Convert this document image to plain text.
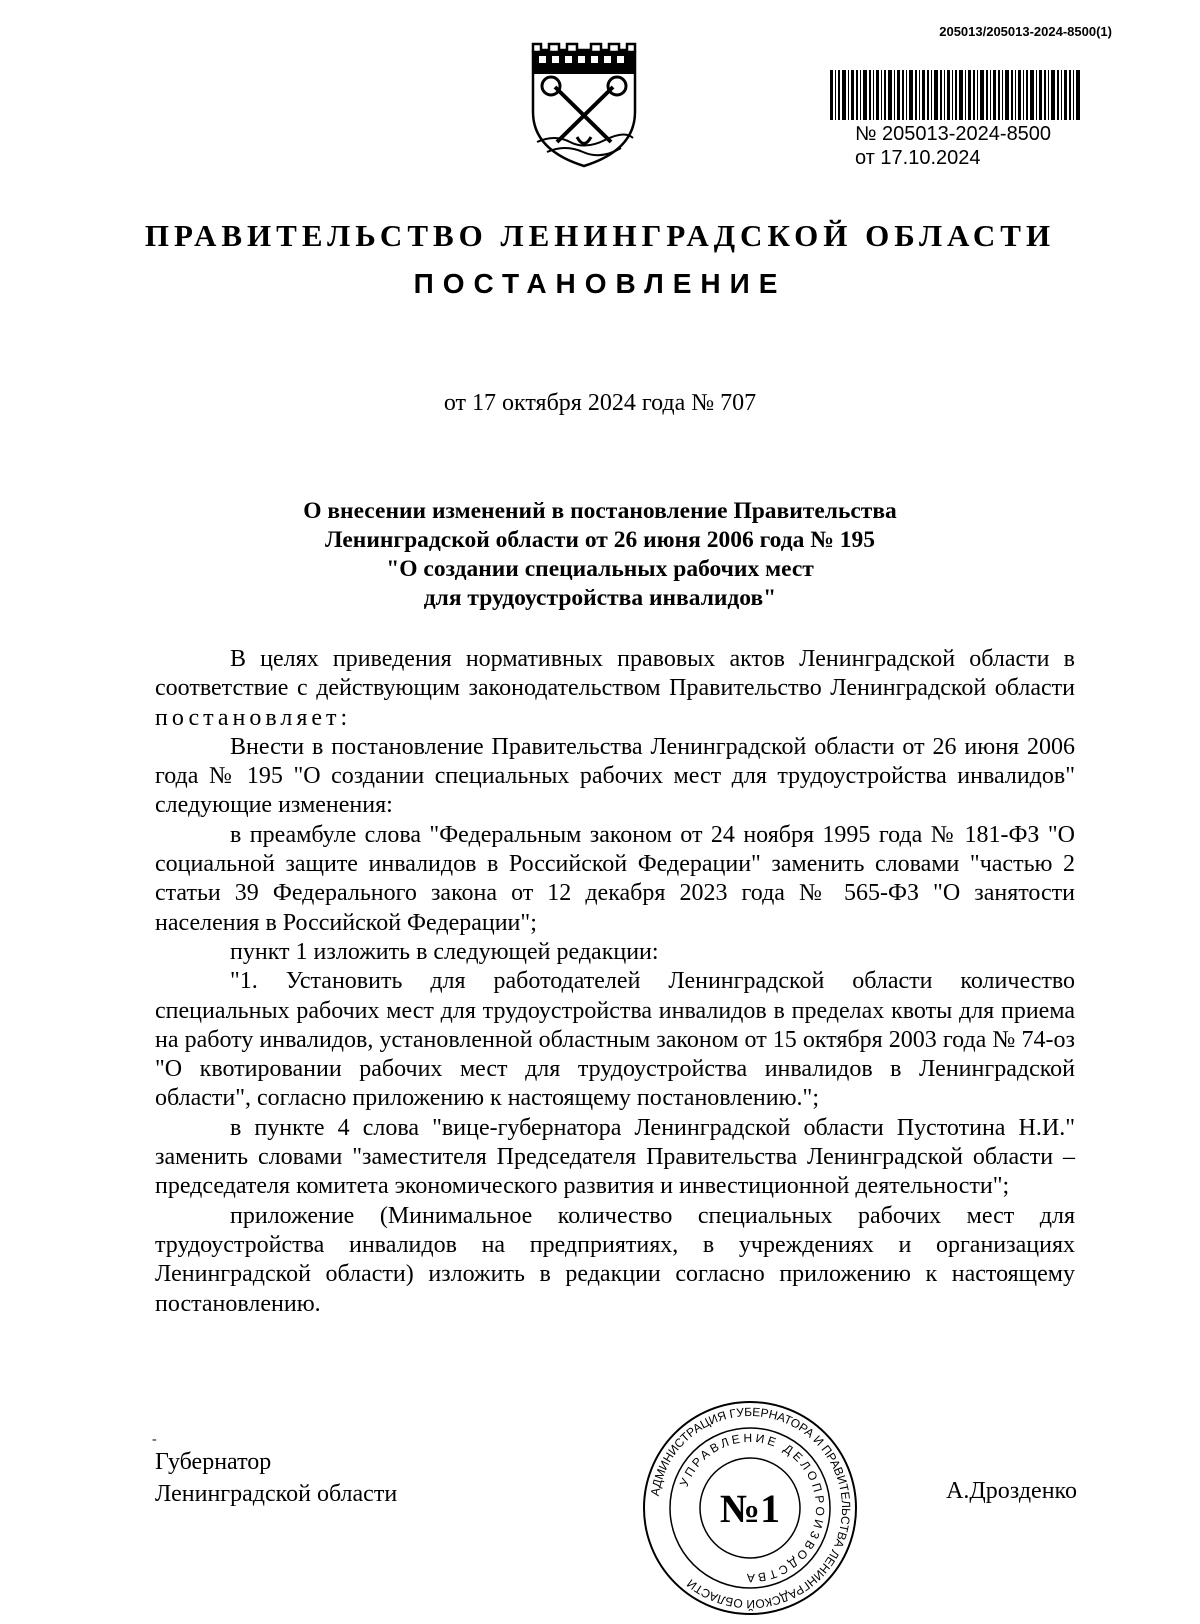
205013/205013-2024-8500(1)
№ 205013-2024-8500
от 17.10.2024
ПРАВИТЕЛЬСТВО ЛЕНИНГРАДСКОЙ ОБЛАСТИ
ПОСТАНОВЛЕНИЕ
от 17 октября 2024 года № 707
О внесении изменений в постановление Правительства
Ленинградской области от 26 июня 2006 года № 195
"О создании специальных рабочих мест
для трудоустройства инвалидов"

В целях приведения нормативных правовых актов Ленинградской области в соответствие с действующим законодательством Правительство Ленинградской области постановляет:

Внести в постановление Правительства Ленинградской области от 26 июня 2006 года № 195 "О создании специальных рабочих мест для трудоустройства инвалидов" следующие изменения:

в преамбуле слова "Федеральным законом от 24 ноября 1995 года № 181-ФЗ "О социальной защите инвалидов в Российской Федерации" заменить словами "частью 2 статьи 39 Федерального закона от 12 декабря 2023 года № 565-ФЗ "О занятости населения в Российской Федерации";

пункт 1 изложить в следующей редакции:

"1. Установить для работодателей Ленинградской области количество специальных рабочих мест для трудоустройства инвалидов в пределах квоты для приема на работу инвалидов, установленной областным законом от 15 октября 2003 года № 74-оз "О квотировании рабочих мест для трудоустройства инвалидов в Ленинградской области", согласно приложению к настоящему постановлению.";

в пункте 4 слова "вице-губернатора Ленинградской области Пустотина Н.И." заменить словами "заместителя Председателя Правительства Ленинградской области – председателя комитета экономического развития и инвестиционной деятельности";

приложение (Минимальное количество специальных рабочих мест для трудоустройства инвалидов на предприятиях, в учреждениях и организациях Ленинградской области) изложить в редакции согласно приложению к настоящему постановлению.

-
Губернатор
Ленинградской области	АДМИНИСТРАЦИЯ ГУБЕРНАТОРА И ПРАВИТЕЛЬСТВА ЛЕНИНГРАДСКОЙ ОБЛАСТИ
УПРАВЛЕНИЕ ДЕЛОПРОИЗВОДСТВА
№1	А.Дрозденко
